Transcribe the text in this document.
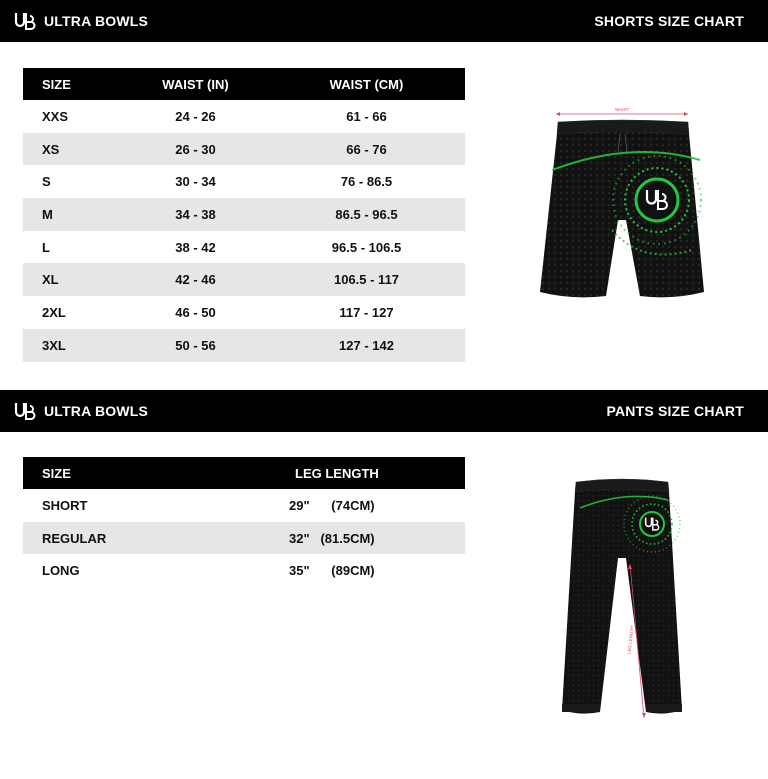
ULTRA BOWLS	SHORTS SIZE CHART
SIZE	WAIST (IN)	WAIST (CM)
XXS	24 - 26	61 - 66
XS	26 - 30	66 - 76
S	30 - 34	76 - 86.5
M	34 - 38	86.5 - 96.5
L	38 - 42	96.5 - 106.5
XL	42 - 46	106.5 - 117
2XL	46 - 50	117 - 127
3XL	50 - 56	127 - 142
WAIST
ULTRA BOWLS	PANTS SIZE CHART
SIZE	LEG LENGTH
SHORT	29"      (74CM)
REGULAR	32"   (81.5CM)
LONG	35"      (89CM)
LEG LENGTH
